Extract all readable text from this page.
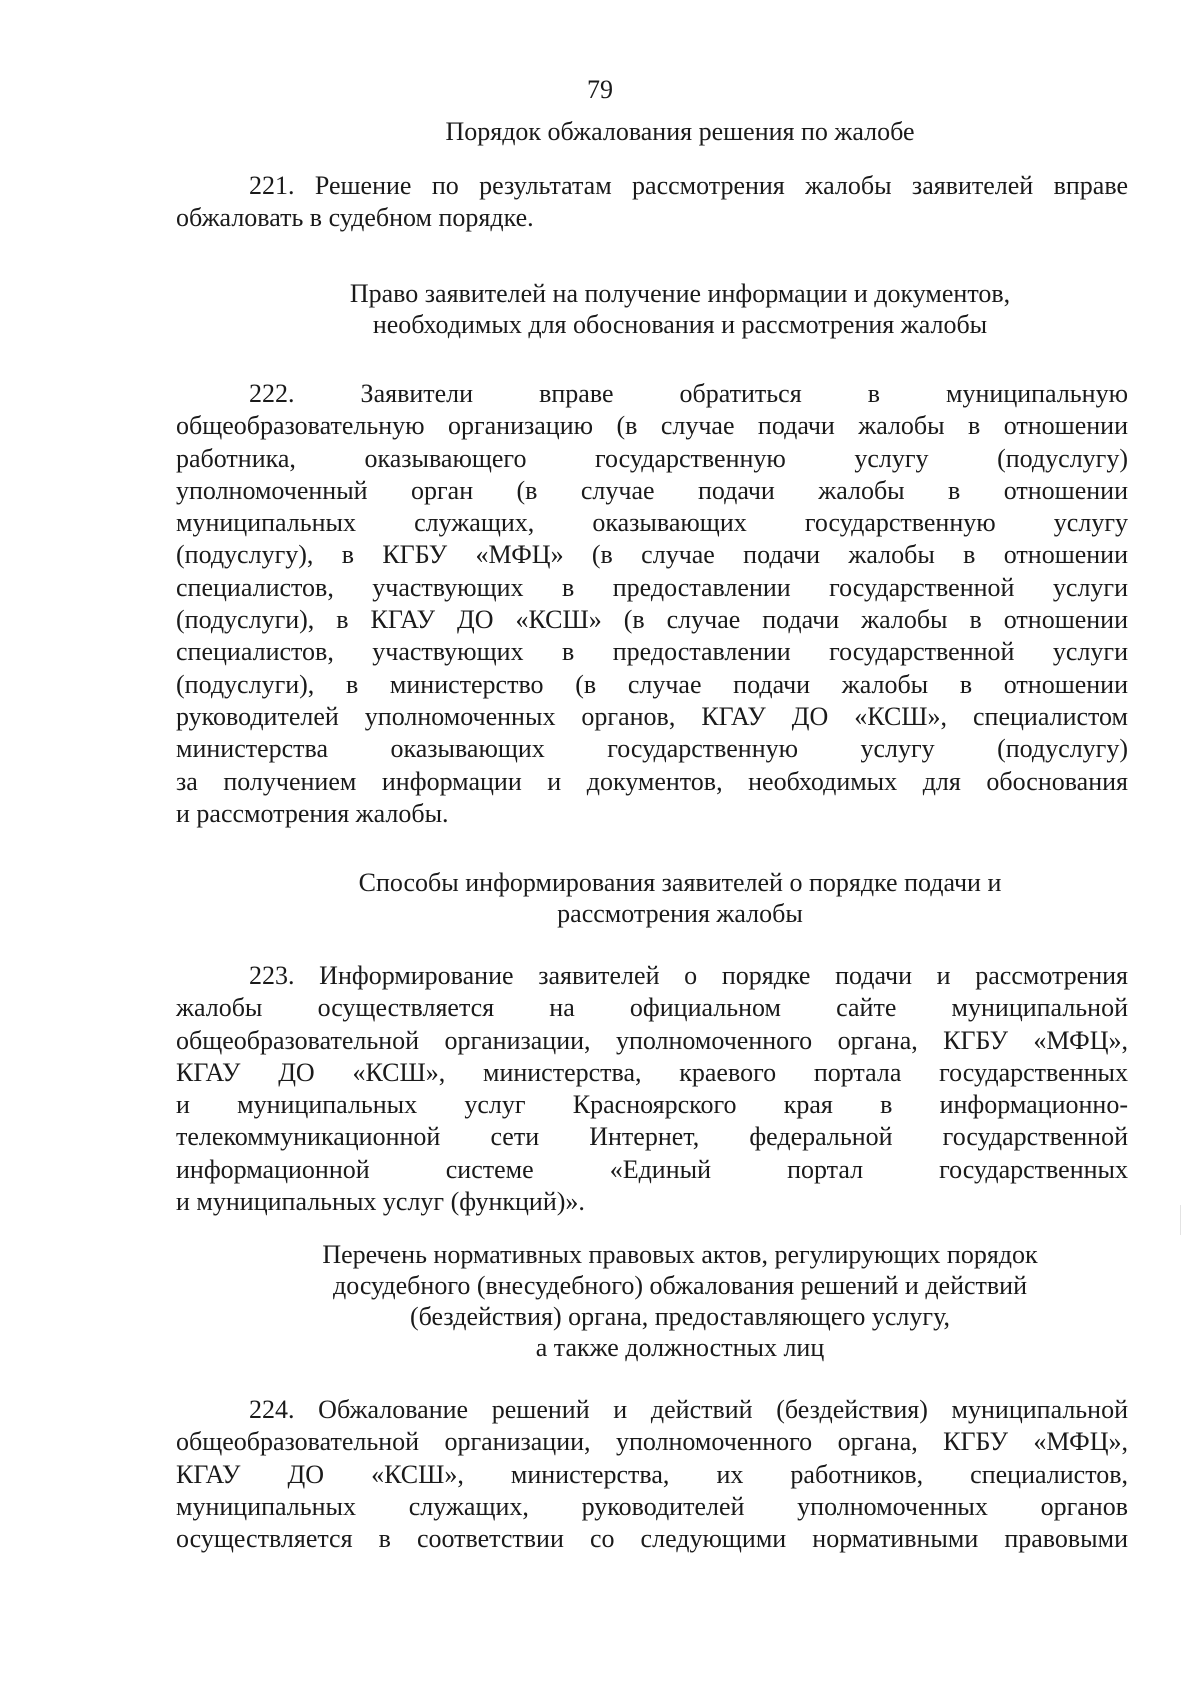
79
Порядок обжалования решения по жалобе
221. Решение по результатам рассмотрения жалобы заявителей вправе
обжаловать в судебном порядке.
Право заявителей на получение информации и документов,
необходимых для обоснования и рассмотрения жалобы
222. Заявители вправе обратиться в муниципальную
общеобразовательную организацию (в случае подачи жалобы в отношении
работника, оказывающего государственную услугу (подуслугу)
уполномоченный орган (в случае подачи жалобы в отношении
муниципальных служащих, оказывающих государственную услугу
(подуслугу), в КГБУ «МФЦ» (в случае подачи жалобы в отношении
специалистов, участвующих в предоставлении государственной услуги
(подуслуги), в КГАУ ДО «КСШ» (в случае подачи жалобы в отношении
специалистов, участвующих в предоставлении государственной услуги
(подуслуги), в министерство (в случае подачи жалобы в отношении
руководителей уполномоченных органов, КГАУ ДО «КСШ», специалистом
министерства оказывающих государственную услугу (подуслугу)
за получением информации и документов, необходимых для обоснования
и рассмотрения жалобы.
Способы информирования заявителей о порядке подачи и
рассмотрения жалобы
223. Информирование заявителей о порядке подачи и рассмотрения
жалобы осуществляется на официальном сайте муниципальной
общеобразовательной организации, уполномоченного органа, КГБУ «МФЦ»,
КГАУ ДО «КСШ», министерства, краевого портала государственных
и муниципальных услуг Красноярского края в информационно-
телекоммуникационной сети Интернет, федеральной государственной
информационной системе «Единый портал государственных
и муниципальных услуг (функций)».
Перечень нормативных правовых актов, регулирующих порядок
досудебного (внесудебного) обжалования решений и действий
(бездействия) органа, предоставляющего услугу,
а также должностных лиц
224. Обжалование решений и действий (бездействия) муниципальной
общеобразовательной организации, уполномоченного органа, КГБУ «МФЦ»,
КГАУ ДО «КСШ», министерства, их работников, специалистов,
муниципальных служащих, руководителей уполномоченных органов
осуществляется в соответствии со следующими нормативными правовыми
